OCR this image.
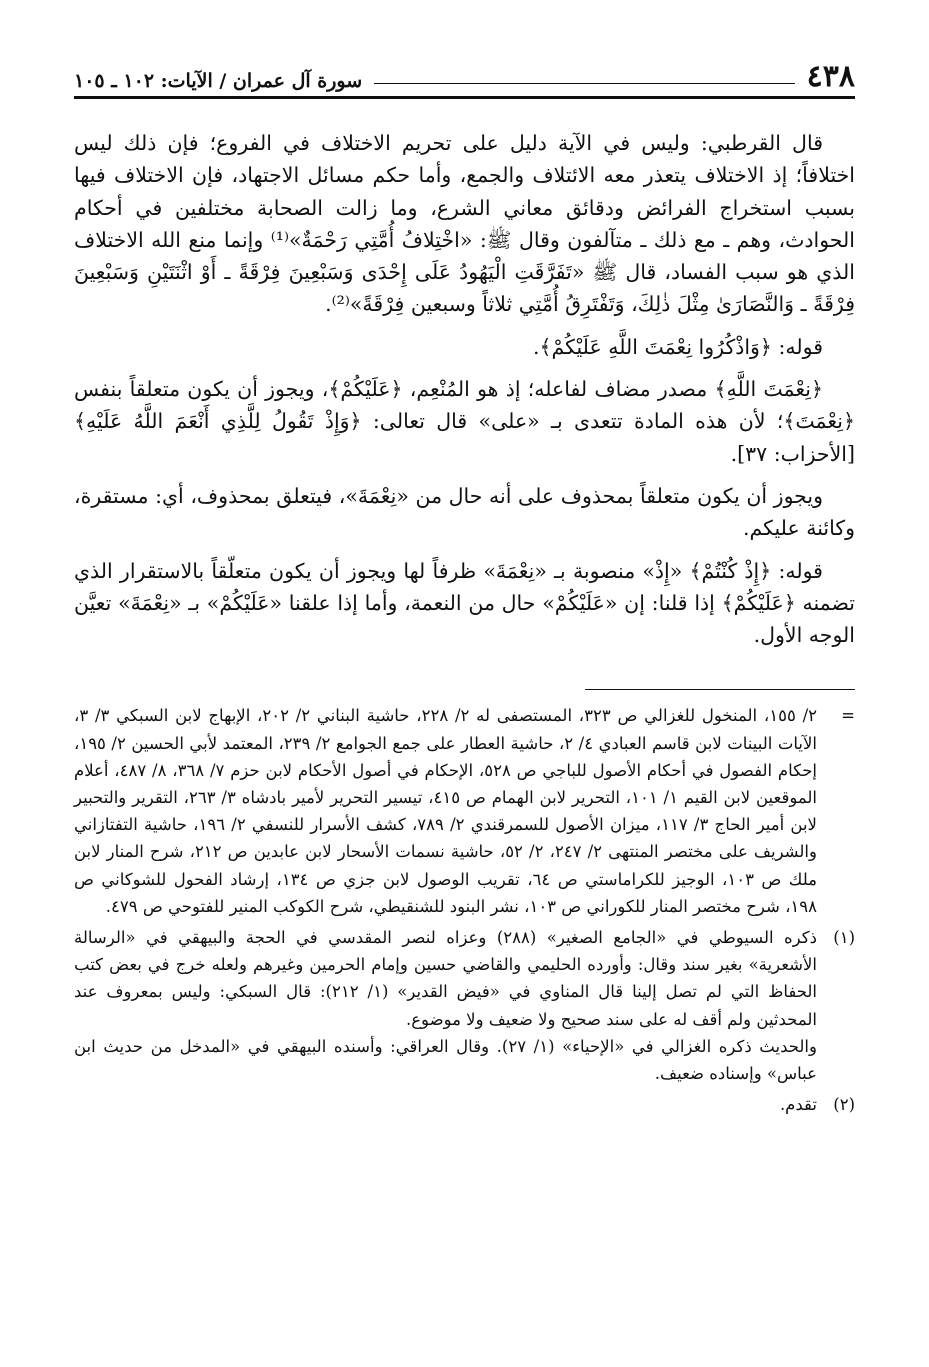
٤٣٨
سورة آل عمران / الآيات: ١٠٢ ـ ١٠٥

قال القرطبي: وليس في الآية دليل على تحريم الاختلاف في الفروع؛ فإن ذلك ليس اختلافاً؛ إذ الاختلاف يتعذر معه الائتلاف والجمع، وأما حكم مسائل الاجتهاد، فإن الاختلاف فيها بسبب استخراج الفرائض ودقائق معاني الشرع، وما زالت الصحابة مختلفين في أحكام الحوادث، وهم ـ مع ذلك ـ متآلفون وقال ﷺ: «اخْتِلافُ أُمَّتِي رَحْمَةٌ»⁽¹⁾ وإنما منع الله الاختلاف الذي هو سبب الفساد، قال ﷺ «تَفَرَّقَتِ الْيَهُودُ عَلَى إِحْدَى وَسَبْعِينَ فِرْقَةً ـ أَوْ اثْنَتَيْنِ وَسَبْعِينَ فِرْقَةً ـ وَالنَّصَارَىٰ مِثْلَ ذٰلِكَ، وَتَفْتَرِقُ أُمَّتِي ثلاثاً وسبعين فِرْقَةً»⁽²⁾.

قوله: ﴿وَاذْكُرُوا نِعْمَتَ اللَّهِ عَلَيْكُمْ﴾.

﴿نِعْمَتَ اللَّهِ﴾ مصدر مضاف لفاعله؛ إذ هو المُنْعِم، ﴿عَلَيْكُمْ﴾، ويجوز أن يكون متعلقاً بنفس ﴿نِعْمَتَ﴾؛ لأن هذه المادة تتعدى بـ «على» قال تعالى: ﴿وَإِذْ تَقُولُ لِلَّذِي أَنْعَمَ اللَّهُ عَلَيْهِ﴾ [الأحزاب: ٣٧].

ويجوز أن يكون متعلقاً بمحذوف على أنه حال من «نِعْمَةَ»، فيتعلق بمحذوف، أي: مستقرة، وكائنة عليكم.

قوله: ﴿إِذْ كُنْتُمْ﴾ «إِذْ» منصوبة بـ «نِعْمَةَ» ظرفاً لها ويجوز أن يكون متعلّقاً بالاستقرار الذي تضمنه ﴿عَلَيْكُمْ﴾ إذا قلنا: إن «عَلَيْكُمْ» حال من النعمة، وأما إذا علقنا «عَلَيْكُمْ» بـ «نِعْمَةَ» تعيَّن الوجه الأول.

=
٢/ ١٥٥، المنخول للغزالي ص ٣٢٣، المستصفى له ٢/ ٢٢٨، حاشية البناني ٢/ ٢٠٢، الإبهاج لابن السبكي ٣/ ٣، الآيات البينات لابن قاسم العبادي ٤/ ٢، حاشية العطار على جمع الجوامع ٢/ ٢٣٩، المعتمد لأبي الحسين ٢/ ١٩٥، إحكام الفصول في أحكام الأصول للباجي ص ٥٢٨، الإحكام في أصول الأحكام لابن حزم ٧/ ٣٦٨، ٨/ ٤٨٧، أعلام الموقعين لابن القيم ١/ ١٠١، التحرير لابن الهمام ص ٤١٥، تيسير التحرير لأمير بادشاه ٣/ ٢٦٣، التقرير والتحبير لابن أمير الحاج ٣/ ١١٧، ميزان الأصول للسمرقندي ٢/ ٧٨٩، كشف الأسرار للنسفي ٢/ ١٩٦، حاشية التفتازاني والشريف على مختصر المنتهى ٢/ ٢٤٧، ٢/ ٥٢، حاشية نسمات الأسحار لابن عابدين ص ٢١٢، شرح المنار لابن ملك ص ١٠٣، الوجيز للكراماستي ص ٦٤، تقريب الوصول لابن جزي ص ١٣٤، إرشاد الفحول للشوكاني ص ١٩٨، شرح مختصر المنار للكوراني ص ١٠٣، نشر البنود للشنقيطي، شرح الكوكب المنير للفتوحي ص ٤٧٩.
(١)
ذكره السيوطي في «الجامع الصغير» (٢٨٨) وعزاه لنصر المقدسي في الحجة والبيهقي في «الرسالة الأشعرية» بغير سند وقال: وأورده الحليمي والقاضي حسين وإمام الحرمين وغيرهم ولعله خرج في بعض كتب الحفاظ التي لم تصل إلينا قال المناوي في «فيض القدير» (١/ ٢١٢): قال السبكي: وليس بمعروف عند المحدثين ولم أقف له على سند صحيح ولا ضعيف ولا موضوع.

والحديث ذكره الغزالي في «الإحياء» (١/ ٢٧). وقال العراقي: وأسنده البيهقي في «المدخل من حديث ابن عباس» وإسناده ضعيف.

(٢)
تقدم.
